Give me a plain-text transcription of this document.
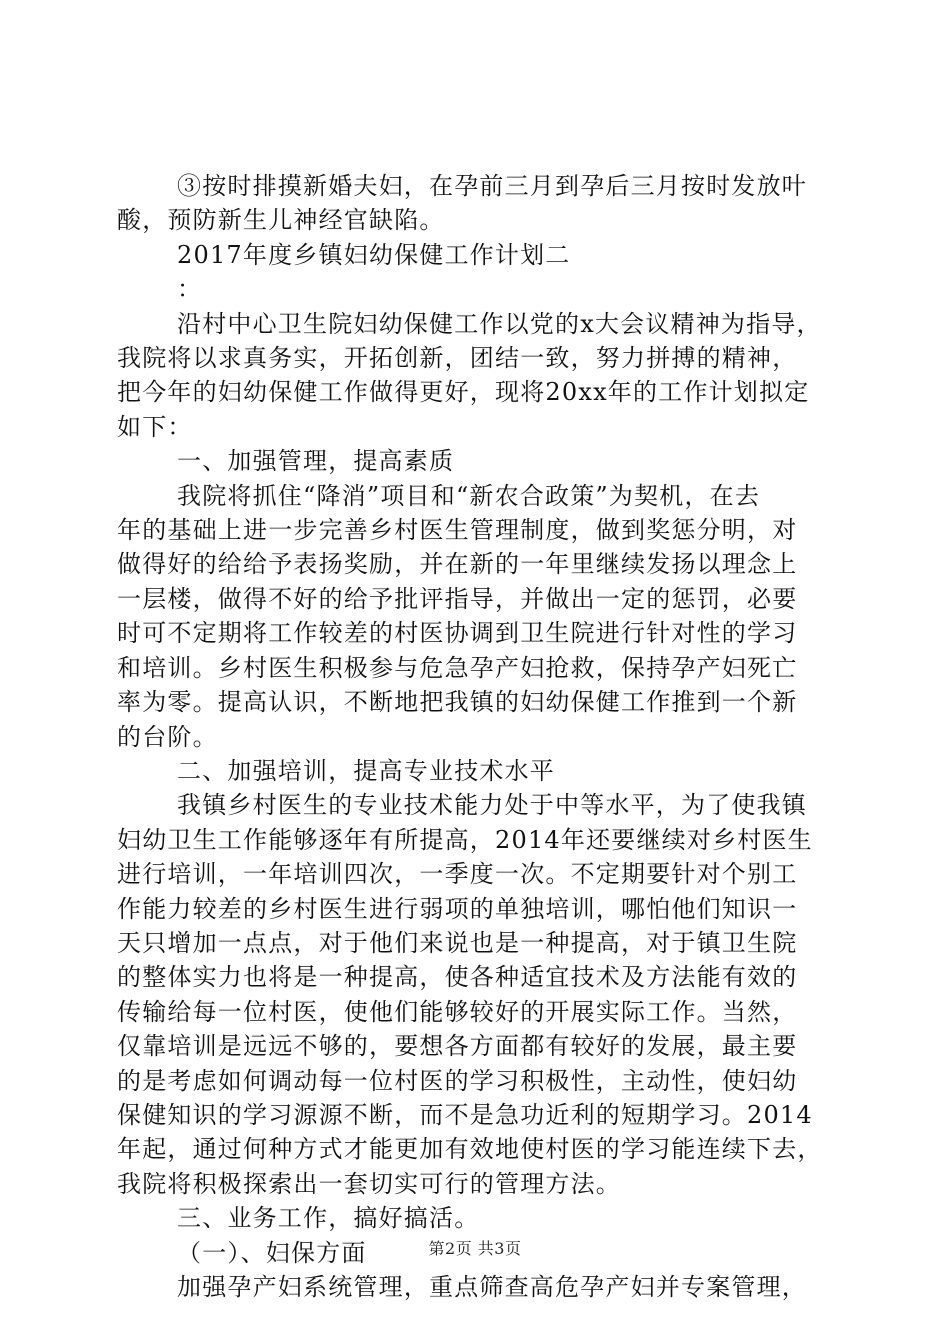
③按时排摸新婚夫妇，在孕前三月到孕后三月按时发放叶
酸，预防新生儿神经官缺陷。
2017年度乡镇妇幼保健工作计划二
：
沿村中心卫生院妇幼保健工作以党的x大会议精神为指导，
我院将以求真务实，开拓创新，团结一致，努力拼搏的精神，
把今年的妇幼保健工作做得更好，现将20xx年的工作计划拟定
如下：
一、加强管理，提高素质
我院将抓住“降消”项目和“新农合政策”为契机，在去
年的基础上进一步完善乡村医生管理制度，做到奖惩分明，对
做得好的给给予表扬奖励，并在新的一年里继续发扬以理念上
一层楼，做得不好的给予批评指导，并做出一定的惩罚，必要
时可不定期将工作较差的村医协调到卫生院进行针对性的学习
和培训。乡村医生积极参与危急孕产妇抢救，保持孕产妇死亡
率为零。提高认识，不断地把我镇的妇幼保健工作推到一个新
的台阶。
二、加强培训，提高专业技术水平
我镇乡村医生的专业技术能力处于中等水平，为了使我镇
妇幼卫生工作能够逐年有所提高，2014年还要继续对乡村医生
进行培训，一年培训四次，一季度一次。不定期要针对个别工
作能力较差的乡村医生进行弱项的单独培训，哪怕他们知识一
天只增加一点点，对于他们来说也是一种提高，对于镇卫生院
的整体实力也将是一种提高，使各种适宜技术及方法能有效的
传输给每一位村医，使他们能够较好的开展实际工作。当然，
仅靠培训是远远不够的，要想各方面都有较好的发展，最主要
的是考虑如何调动每一位村医的学习积极性，主动性，使妇幼
保健知识的学习源源不断，而不是急功近利的短期学习。2014
年起，通过何种方式才能更加有效地使村医的学习能连续下去，
我院将积极探索出一套切实可行的管理方法。
三、业务工作，搞好搞活。
（一）、妇保方面
加强孕产妇系统管理，重点筛查高危孕产妇并专案管理，
第2页 共3页
